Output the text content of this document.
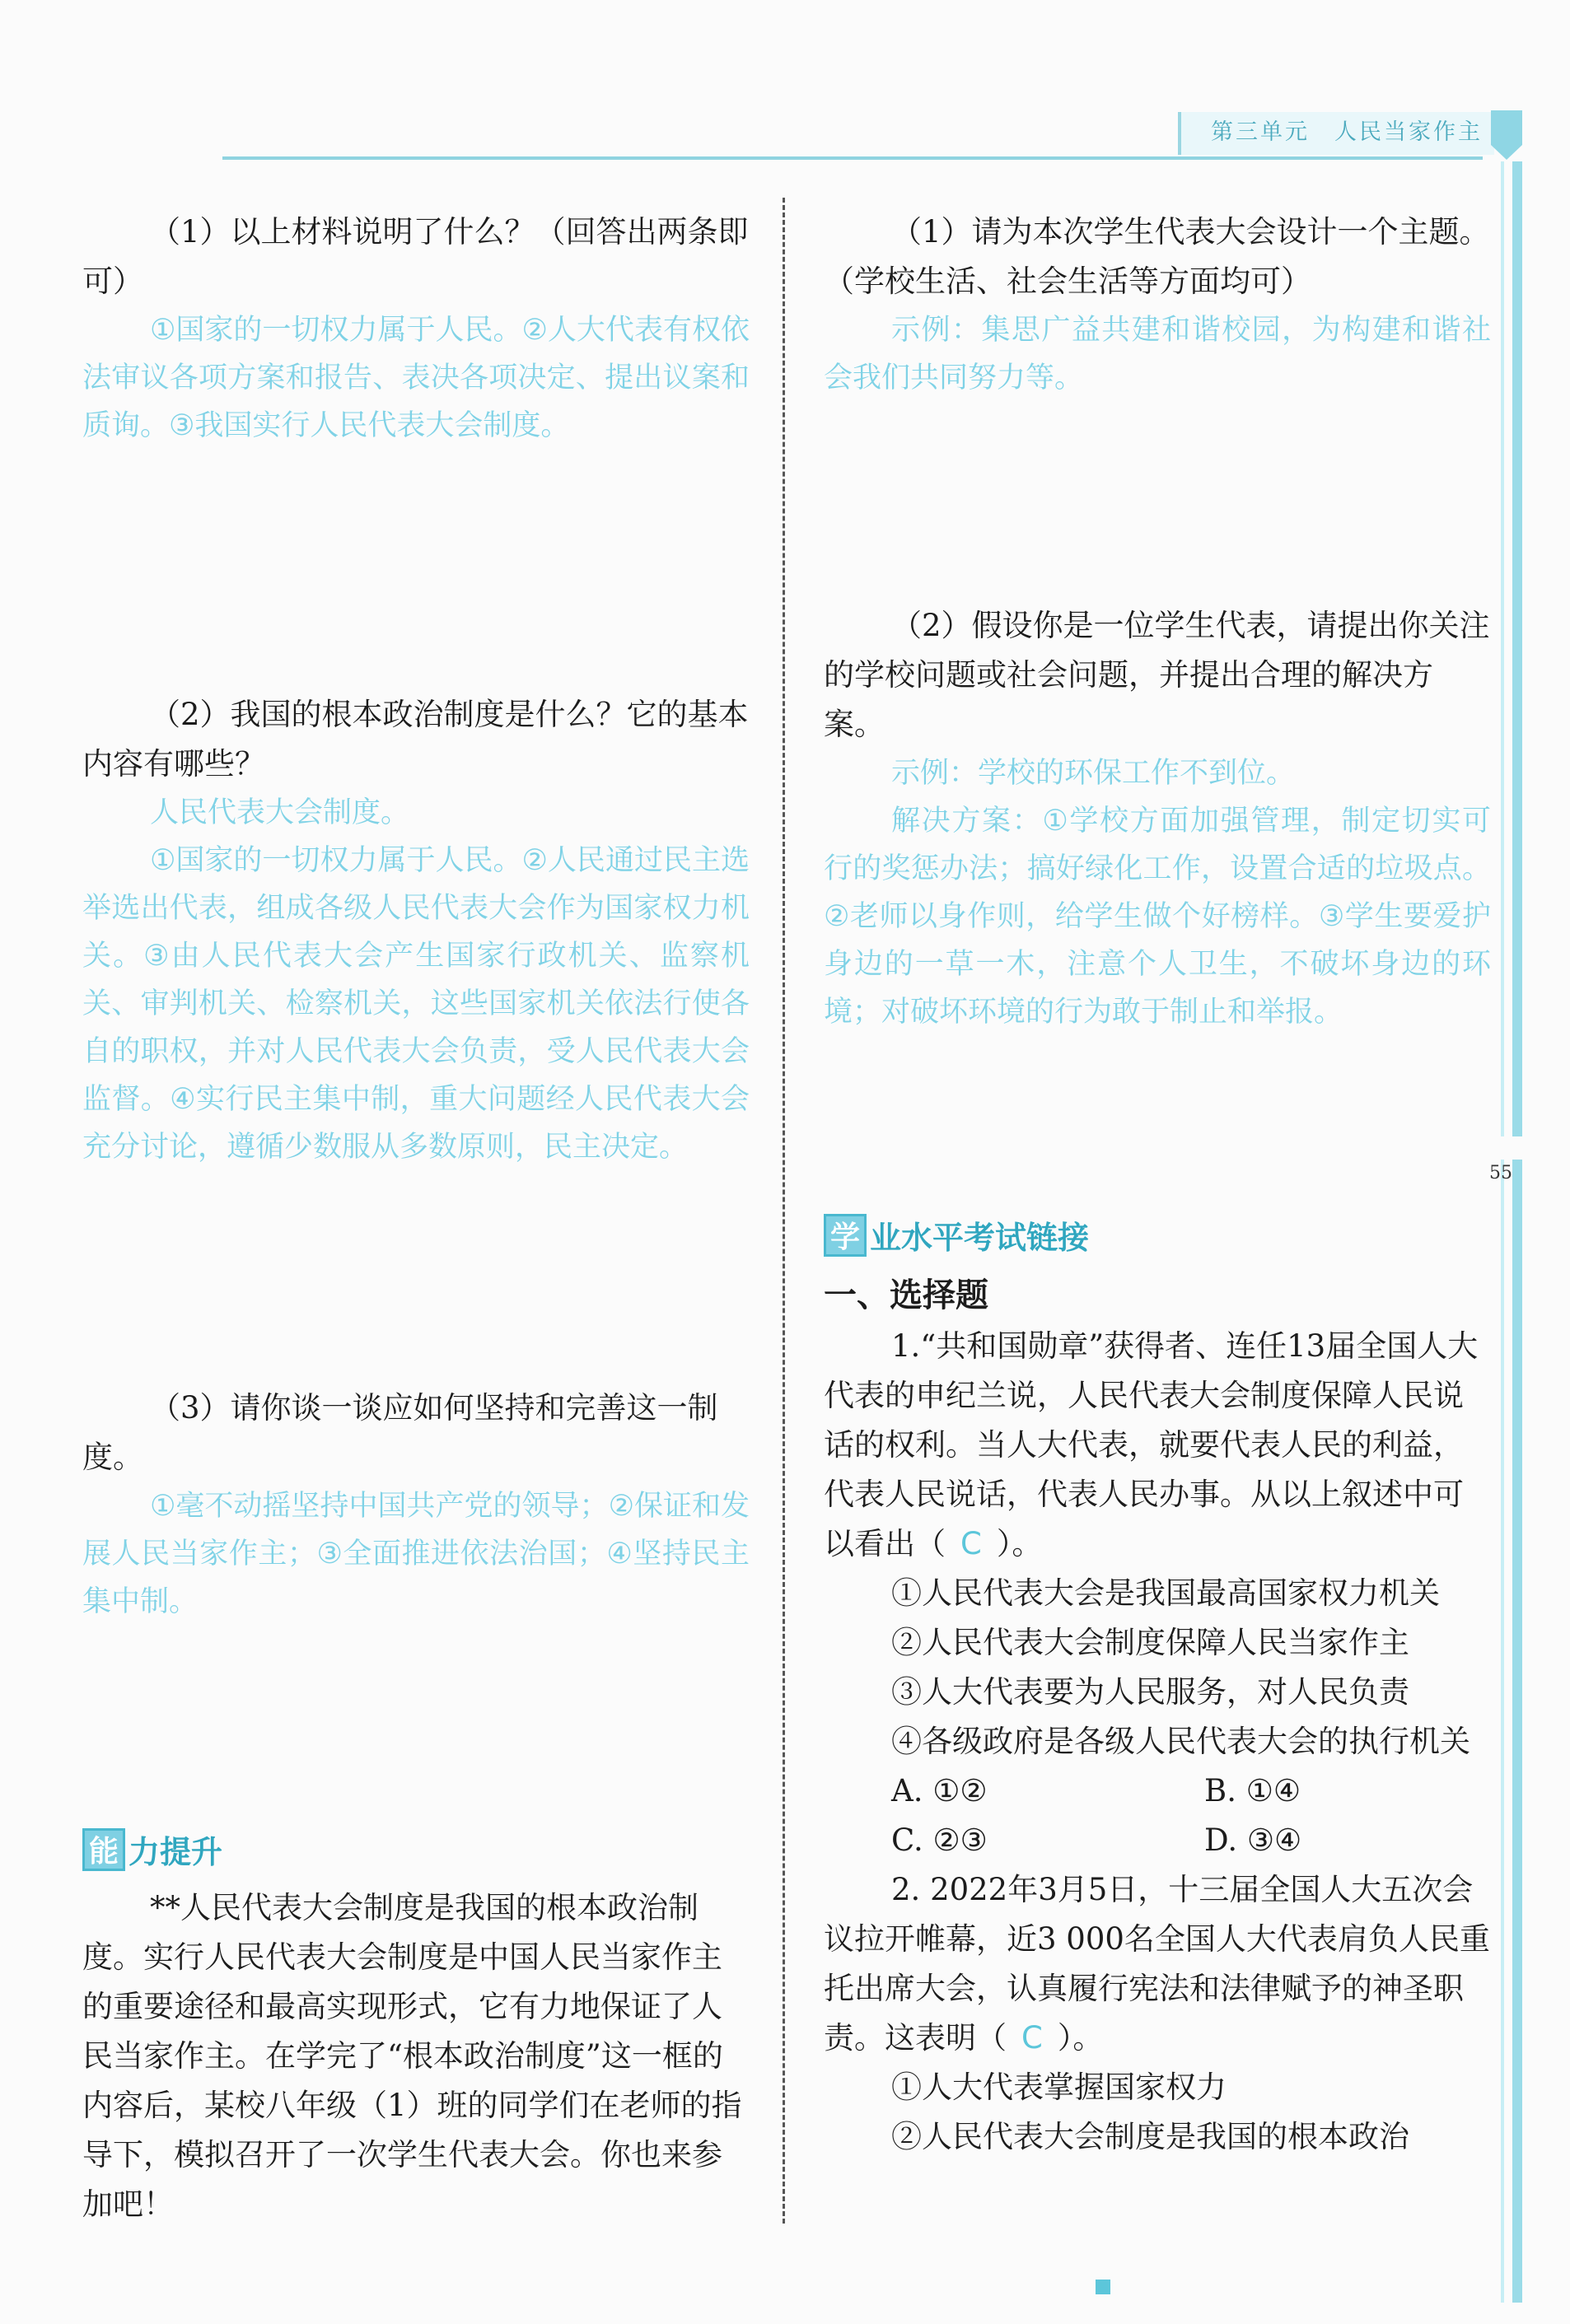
第三单元　人民当家作主
55

（1）以上材料说明了什么？（回答出两条即可）

①国家的一切权力属于人民。②人大代表有权依法审议各项方案和报告、表决各项决定、提出议案和质询。③我国实行人民代表大会制度。

（2）我国的根本政治制度是什么？它的基本内容有哪些？

人民代表大会制度。

①国家的一切权力属于人民。②人民通过民主选举选出代表，组成各级人民代表大会作为国家权力机关。③由人民代表大会产生国家行政机关、监察机关、审判机关、检察机关，这些国家机关依法行使各自的职权，并对人民代表大会负责，受人民代表大会监督。④实行民主集中制，重大问题经人民代表大会充分讨论，遵循少数服从多数原则，民主决定。

（3）请你谈一谈应如何坚持和完善这一制度。

①毫不动摇坚持中国共产党的领导；②保证和发展人民当家作主；③全面推进依法治国；④坚持民主集中制。

能 力提升

**人民代表大会制度是我国的根本政治制度。实行人民代表大会制度是中国人民当家作主的重要途径和最高实现形式，它有力地保证了人民当家作主。在学完了“根本政治制度”这一框的内容后，某校八年级（1）班的同学们在老师的指导下，模拟召开了一次学生代表大会。你也来参加吧！

（1）请为本次学生代表大会设计一个主题。（学校生活、社会生活等方面均可）

示例：集思广益共建和谐校园，为构建和谐社会我们共同努力等。

（2）假设你是一位学生代表，请提出你关注的学校问题或社会问题，并提出合理的解决方案。

示例：学校的环保工作不到位。

解决方案：①学校方面加强管理，制定切实可行的奖惩办法；搞好绿化工作，设置合适的垃圾点。②老师以身作则，给学生做个好榜样。③学生要爱护身边的一草一木，注意个人卫生，不破坏身边的环境；对破坏环境的行为敢于制止和举报。

学 业水平考试链接

一、选择题

1.“共和国勋章”获得者、连任13届全国人大代表的申纪兰说，人民代表大会制度保障人民说话的权利。当人大代表，就要代表人民的利益，代表人民说话，代表人民办事。从以上叙述中可以看出（ C ）。

①人民代表大会是我国最高国家权力机关

②人民代表大会制度保障人民当家作主

③人大代表要为人民服务，对人民负责

④各级政府是各级人民代表大会的执行机关

A. ①②	B. ①④
C. ②③	D. ③④

2. 2022年3月5日，十三届全国人大五次会议拉开帷幕，近3 000名全国人大代表肩负人民重托出席大会，认真履行宪法和法律赋予的神圣职责。这表明（ C ）。

①人大代表掌握国家权力

②人民代表大会制度是我国的根本政治
